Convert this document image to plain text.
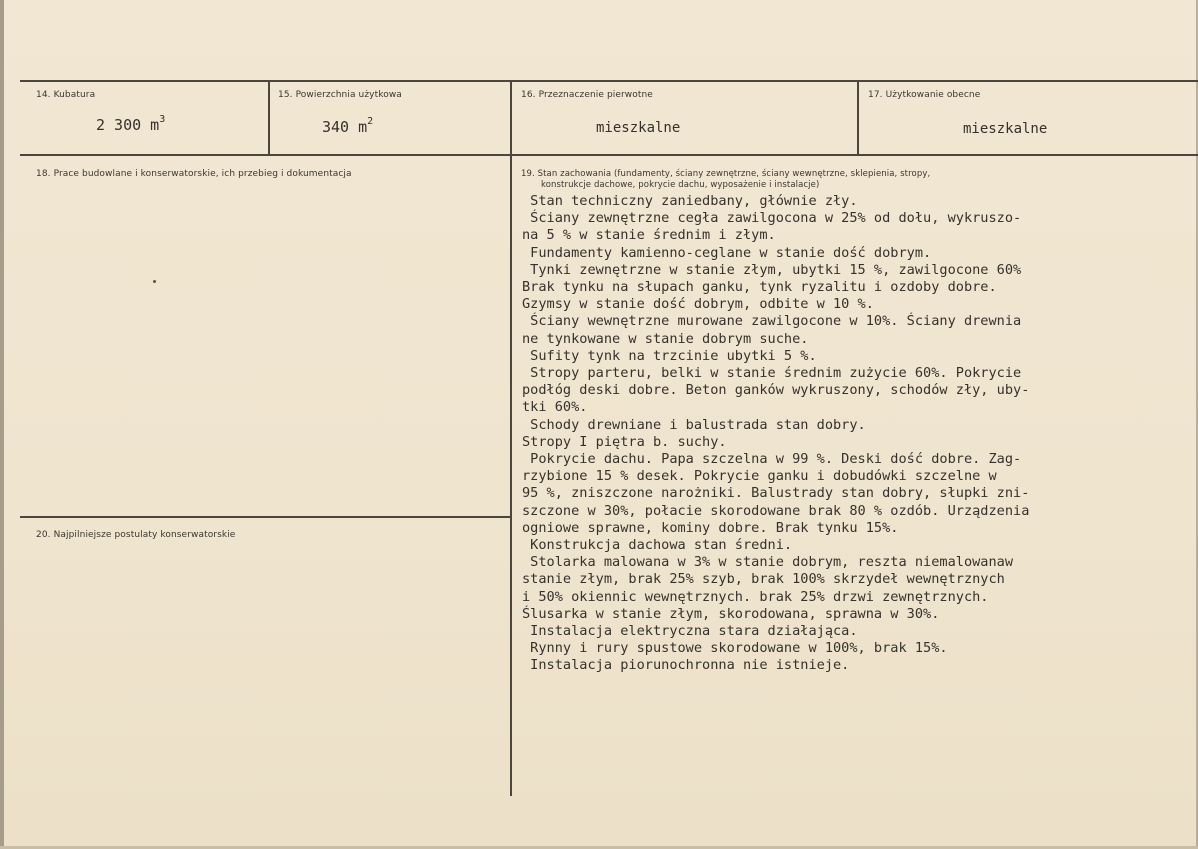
14. Kubatura
2 300 $m^3$
15. Powierzchnia użytkowa
340 $m^2$
16. Przeznaczenie pierwotne
mieszkalne
17. Użytkowanie obecne
mieszkalne
18. Prace budowlane i konserwatorskie, ich przebieg i dokumentacja	19. Stan zachowania (fundamenty, ściany zewnętrzne, ściany wewnętrzne, sklepienia, stropy,
konstrukcje dachowe, pokrycie dachu, wyposażenie i instalacje)
Stan techniczny zaniedbany, głównie zły.
Ściany zewnętrzne cegła zawilgocona w 25% od dołu, wykruszo-
na 5 % w stanie średnim i złym.
Fundamenty kamienno-ceglane w stanie dość dobrym.
Tynki zewnętrzne w stanie złym, ubytki 15 %, zawilgocone 60%
Brak tynku na słupach ganku, tynk ryzalitu i ozdoby dobre.
Gzymsy w stanie dość dobrym, odbite w 10 %.
Ściany wewnętrzne murowane zawilgocone w 10%. Ściany drewnia
ne tynkowane w stanie dobrym suche.
Sufity tynk na trzcinie ubytki 5 %.
Stropy parteru, belki w stanie średnim zużycie 60%. Pokrycie
podłóg deski dobre. Beton ganków wykruszony, schodów zły, uby-
tki 60%.
Schody drewniane i balustrada stan dobry.
Stropy I piętra b. suchy.
Pokrycie dachu. Papa szczelna w 99 %. Deski dość dobre. Zag-
rzybione 15 % desek. Pokrycie ganku i dobudówki szczelne w
95 %, zniszczone narożniki. Balustrady stan dobry, słupki zni-
szczone w 30%, połacie skorodowane brak 80 % ozdób. Urządzenia
ogniowe sprawne, kominy dobre. Brak tynku 15%.
Konstrukcja dachowa stan średni.
Stolarka malowana w 3% w stanie dobrym, reszta niemalowanaw
stanie złym, brak 25% szyb, brak 100% skrzydeł wewnętrznych
i 50% okiennic wewnętrznych. brak 25% drzwi zewnętrznych.
Ślusarka w stanie złym, skorodowana, sprawna w 30%.
Instalacja elektryczna stara działająca.
Rynny i rury spustowe skorodowane w 100%, brak 15%.
Instalacja piorunochronna nie istnieje.
20. Najpilniejsze postulaty konserwatorskie
